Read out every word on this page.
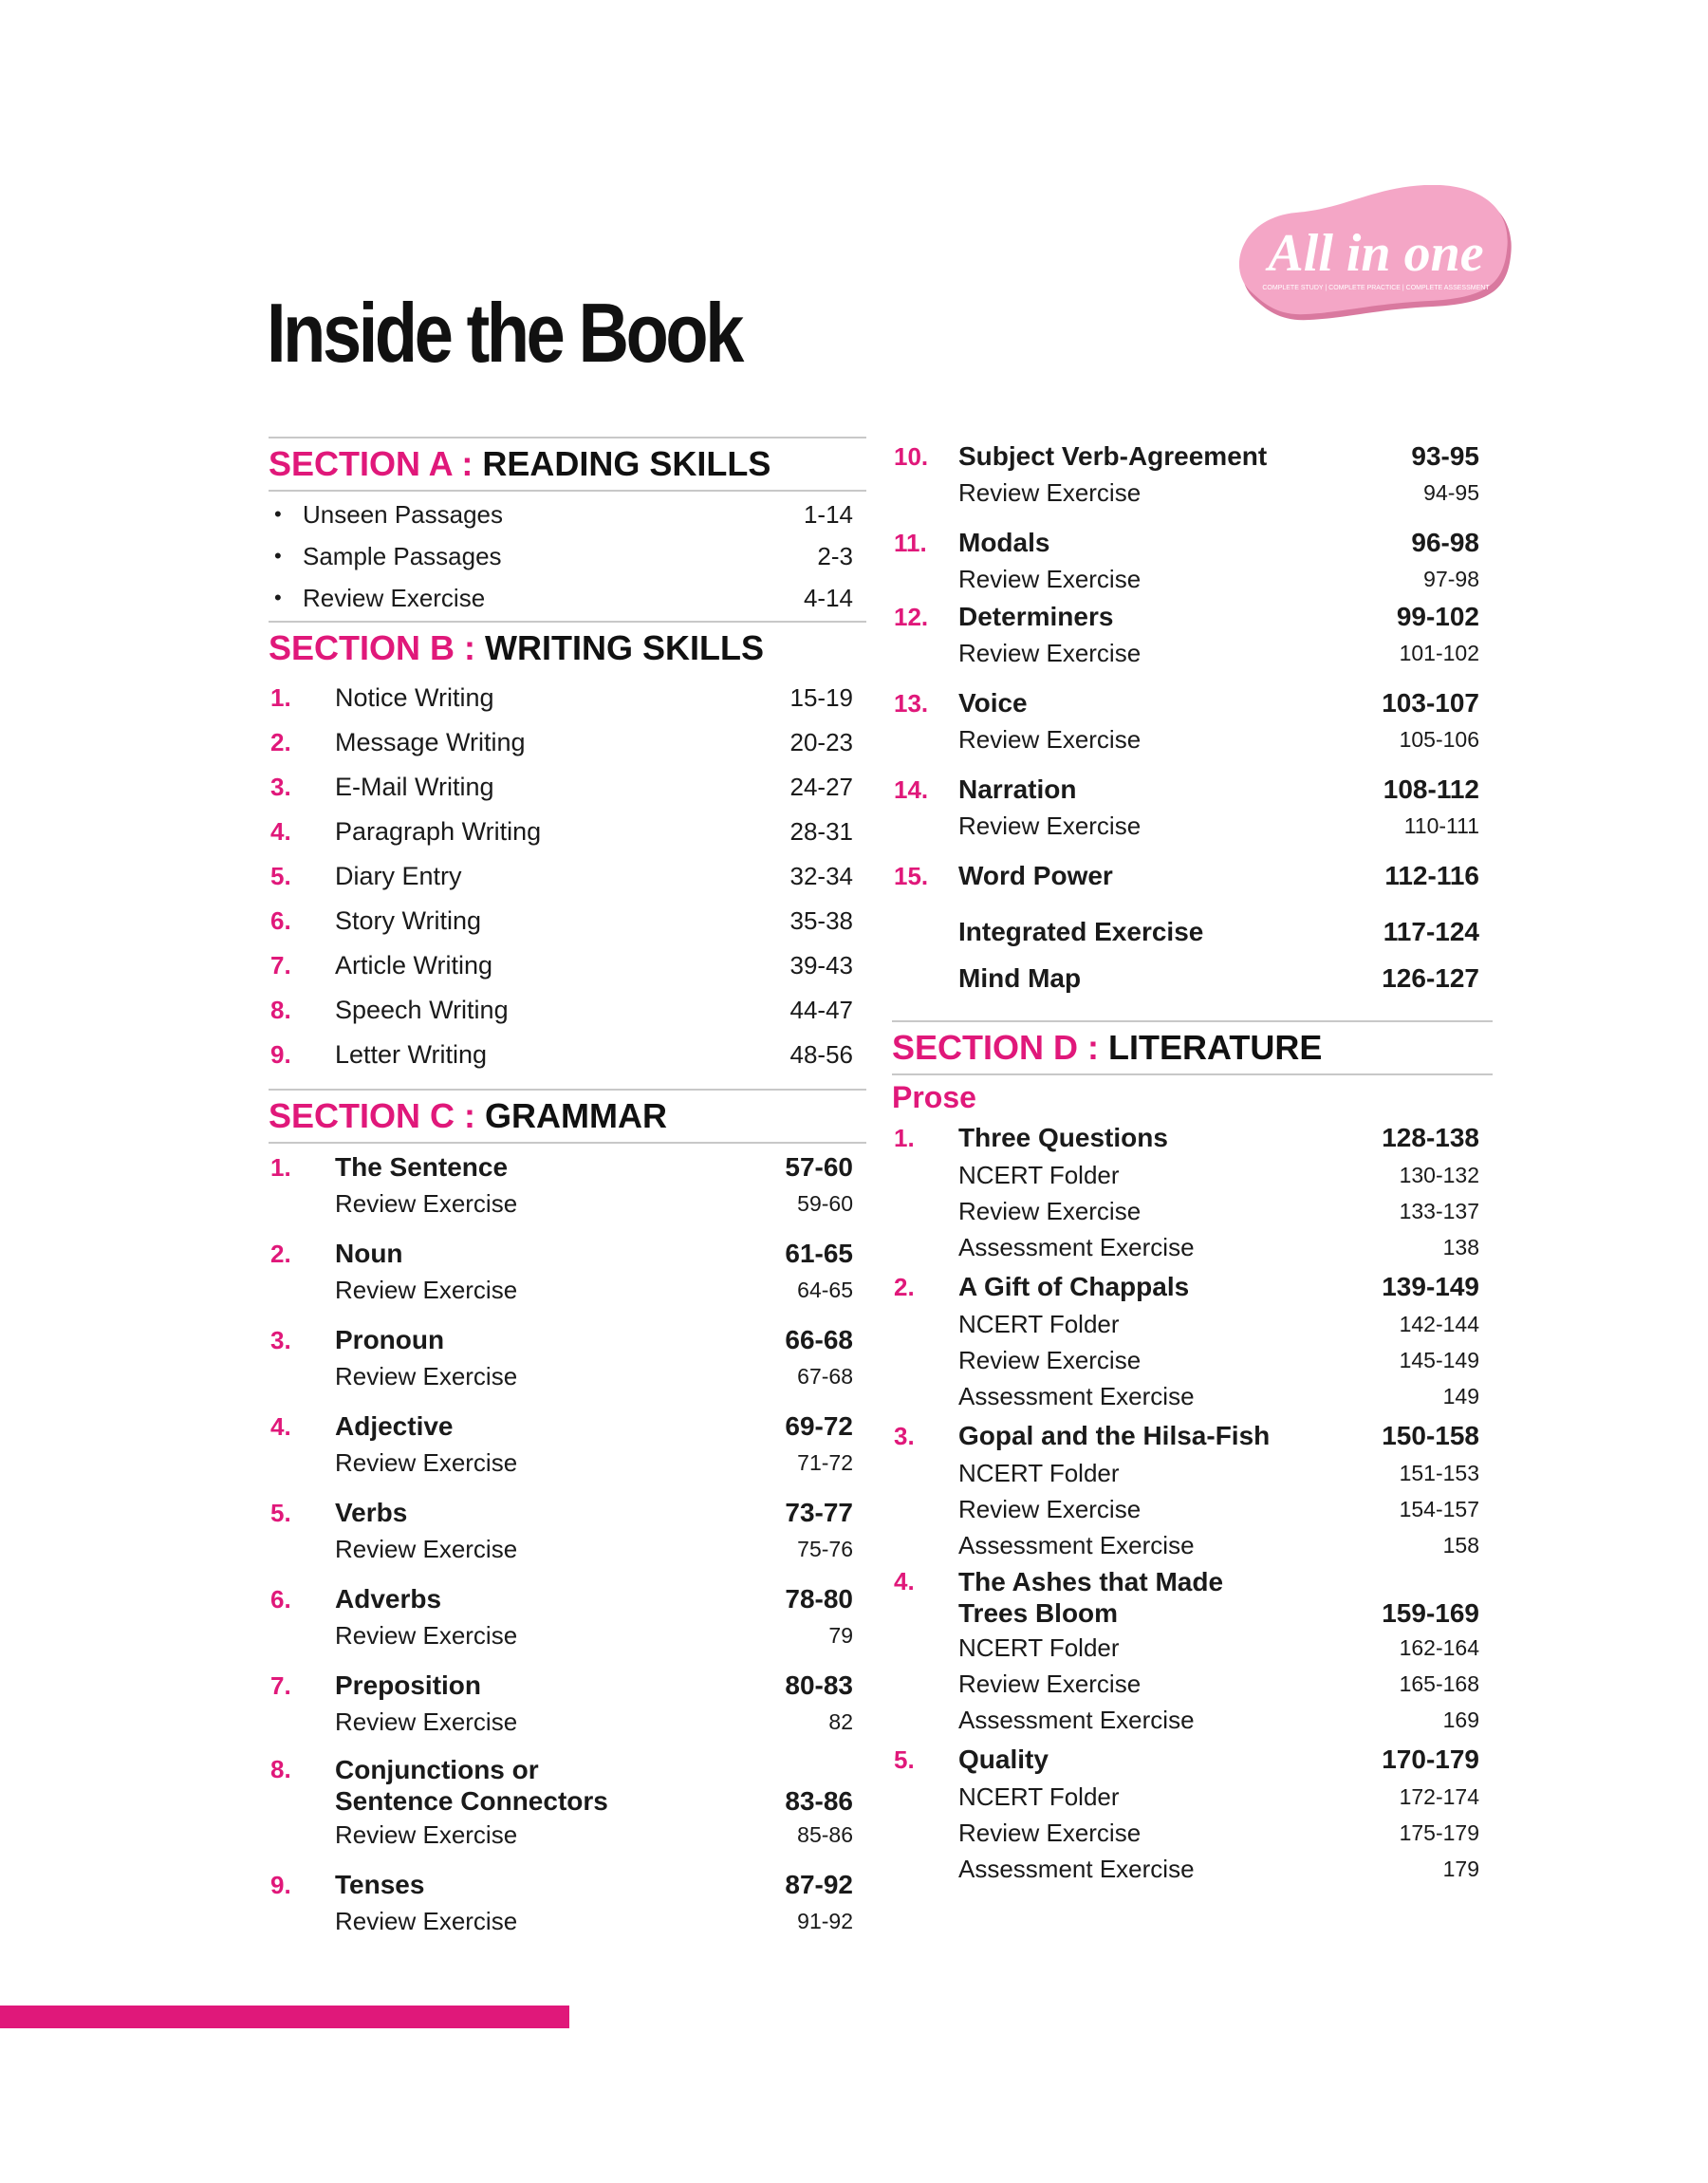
All in one
COMPLETE STUDY | COMPLETE PRACTICE | COMPLETE ASSESSMENT
Inside the Book
SECTION A : READING SKILLS
• Unseen Passages	1-14
• Sample Passages	2-3
• Review Exercise	4-14
SECTION B : WRITING SKILLS
1.	Notice Writing	15-19
2.	Message Writing	20-23
3.	E-Mail Writing	24-27
4.	Paragraph Writing	28-31
5.	Diary Entry	32-34
6.	Story Writing	35-38
7.	Article Writing	39-43
8.	Speech Writing	44-47
9.	Letter Writing	48-56
SECTION C : GRAMMAR
1.	The Sentence	57-60
Review Exercise	59-60
2.	Noun	61-65
Review Exercise	64-65
3.	Pronoun	66-68
Review Exercise	67-68
4.	Adjective	69-72
Review Exercise	71-72
5.	Verbs	73-77
Review Exercise	75-76
6.	Adverbs	78-80
Review Exercise	79
7.	Preposition	80-83
Review Exercise	82
8.	Conjunctions or
Sentence Connectors	83-86
Review Exercise	85-86
9.	Tenses	87-92
Review Exercise	91-92
10.	Subject Verb-Agreement	93-95
Review Exercise	94-95
11.	Modals	96-98
Review Exercise	97-98
12.	Determiners	99-102
Review Exercise	101-102
13.	Voice	103-107
Review Exercise	105-106
14.	Narration	108-112
Review Exercise	110-111
15.	Word Power	112-116
Integrated Exercise	117-124
Mind Map	126-127
SECTION D : LITERATURE
Prose
1.	Three Questions	128-138
NCERT Folder	130-132
Review Exercise	133-137
Assessment Exercise	138
2.	A Gift of Chappals	139-149
NCERT Folder	142-144
Review Exercise	145-149
Assessment Exercise	149
3.	Gopal and the Hilsa-Fish	150-158
NCERT Folder	151-153
Review Exercise	154-157
Assessment Exercise	158
4.	The Ashes that Made
Trees Bloom	159-169
NCERT Folder	162-164
Review Exercise	165-168
Assessment Exercise	169
5.	Quality	170-179
NCERT Folder	172-174
Review Exercise	175-179
Assessment Exercise	179
